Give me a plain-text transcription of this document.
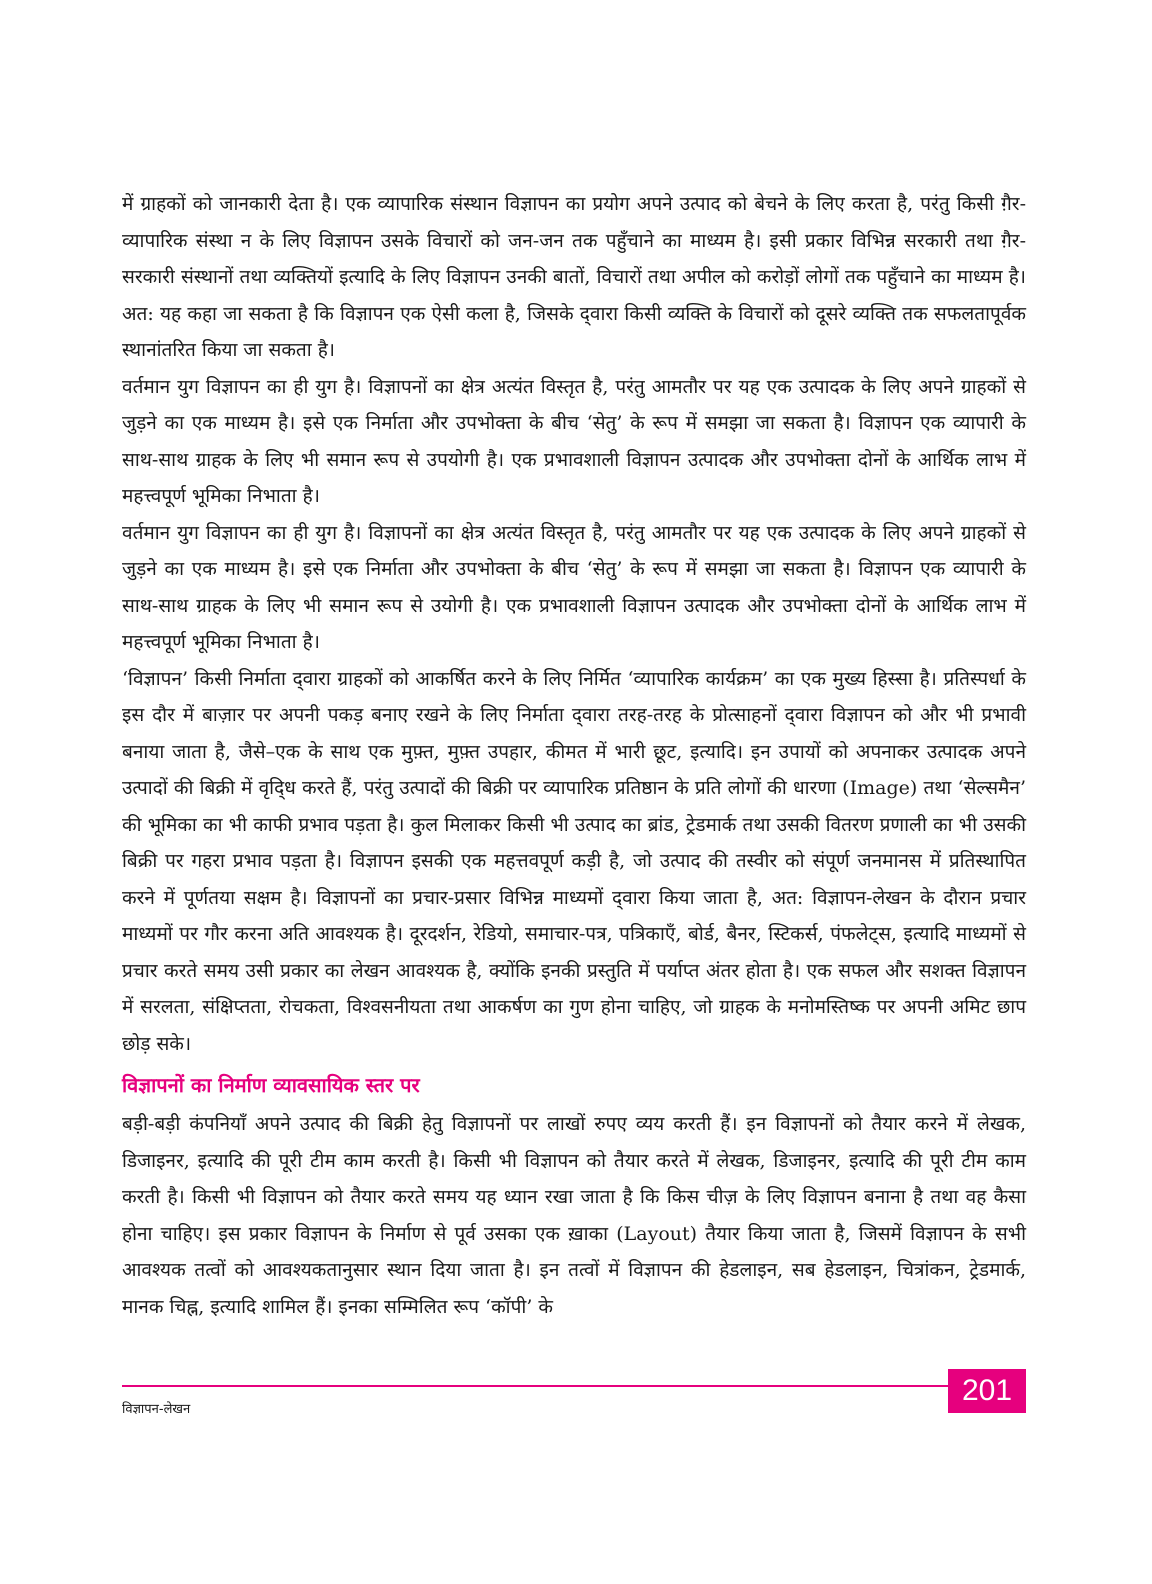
में ग्राहकों को जानकारी देता है। एक व्यापारिक संस्थान विज्ञापन का प्रयोग अपने उत्पाद को बेचने के लिए करता है, परंतु किसी ग़ैर-व्यापारिक संस्था न के लिए विज्ञापन उसके विचारों को जन-जन तक पहुँचाने का माध्यम है। इसी प्रकार विभिन्न सरकारी तथा ग़ैर-सरकारी संस्थानों तथा व्यक्तियों इत्यादि के लिए विज्ञापन उनकी बातों, विचारों तथा अपील को करोड़ों लोगों तक पहुँचाने का माध्यम है। अत: यह कहा जा सकता है कि विज्ञापन एक ऐसी कला है, जिसके द्‍वारा किसी व्यक्ति के विचारों को दूसरे व्यक्ति तक सफलतापूर्वक स्थानांतरित किया जा सकता है।

वर्तमान युग विज्ञापन का ही युग है। विज्ञापनों का क्षेत्र अत्यंत विस्तृत है, परंतु आमतौर पर यह एक उत्पादक के लिए अपने ग्राहकों से जुड़ने का एक माध्यम है। इसे एक निर्माता और उपभोक्ता के बीच ‘सेतु’ के रूप में समझा जा सकता है। विज्ञापन एक व्यापारी के साथ-साथ ग्राहक के लिए भी समान रूप से उपयोगी है। एक प्रभावशाली विज्ञापन उत्पादक और उपभोक्ता दोनों के आर्थिक लाभ में महत्त्वपूर्ण भूमिका निभाता है।

वर्तमान युग विज्ञापन का ही युग है। विज्ञापनों का क्षेत्र अत्यंत विस्तृत है, परंतु आमतौर पर यह एक उत्पादक के लिए अपने ग्राहकों से जुड़ने का एक माध्यम है। इसे एक निर्माता और उपभोक्ता के बीच ‘सेतु’ के रूप में समझा जा सकता है। विज्ञापन एक व्यापारी के साथ-साथ ग्राहक के लिए भी समान रूप से उयोगी है। एक प्रभावशाली विज्ञापन उत्पादक और उपभोक्ता दोनों के आर्थिक लाभ में महत्त्वपूर्ण भूमिका निभाता है।

‘विज्ञापन’ किसी निर्माता द्‍वारा ग्राहकों को आकर्षित करने के लिए निर्मित ‘व्यापारिक कार्यक्रम’ का एक मुख्य हिस्सा है। प्रतिस्पर्धा के इस दौर में बाज़ार पर अपनी पकड़ बनाए रखने के लिए निर्माता द्‍वारा तरह-तरह के प्रोत्साहनों द्‍वारा विज्ञापन को और भी प्रभावी बनाया जाता है, जैसे–एक के साथ एक मुफ़्त, मुफ़्त उपहार, कीमत में भारी छूट, इत्यादि। इन उपायों को अपनाकर उत्पादक अपने उत्पादों की बिक्री में वृद्‍धि करते हैं, परंतु उत्पादों की बिक्री पर व्यापारिक प्रतिष्ठान के प्रति लोगों की धारणा (Image) तथा ‘सेल्समैन’ की भूमिका का भी काफी प्रभाव पड़ता है। कुल मिलाकर किसी भी उत्पाद का ब्रांड, ट्रेडमार्क तथा उसकी वितरण प्रणाली का भी उसकी बिक्री पर गहरा प्रभाव पड़ता है। विज्ञापन इसकी एक महत्तवपूर्ण कड़ी है, जो उत्पाद की तस्वीर को संपूर्ण जनमानस में प्रतिस्थापित करने में पूर्णतया सक्षम है। विज्ञापनों का प्रचार-प्रसार विभिन्न माध्यमों द्‍वारा किया जाता है, अत: विज्ञापन-लेखन के दौरान प्रचार माध्यमों पर गौर करना अति आवश्यक है। दूरदर्शन, रेडियो, समाचार-पत्र, पत्रिकाएँ, बोर्ड, बैनर, स्टिकर्स, पंफलेट्स, इत्यादि माध्यमों से प्रचार करते समय उसी प्रकार का लेखन आवश्यक है, क्योंकि इनकी प्रस्तुति में पर्याप्त अंतर होता है। एक सफल और सशक्त विज्ञापन में सरलता, संक्षिप्तता, रोचकता, विश्वसनीयता तथा आकर्षण का गुण होना चाहिए, जो ग्राहक के मनोमस्तिष्क पर अपनी अमिट छाप छोड़ सके।

विज्ञापनों का निर्माण व्यावसायिक स्तर पर

बड़ी-बड़ी कंपनियाँ अपने उत्पाद की बिक्री हेतु विज्ञापनों पर लाखों रुपए व्यय करती हैं। इन विज्ञापनों को तैयार करने में लेखक, डिजाइनर, इत्यादि की पूरी टीम काम करती है। किसी भी विज्ञापन को तैयार करते में लेखक, डिजाइनर, इत्यादि की पूरी टीम काम करती है। किसी भी विज्ञापन को तैयार करते समय यह ध्यान रखा जाता है कि किस चीज़ के लिए विज्ञापन बनाना है तथा वह कैसा होना चाहिए। इस प्रकार विज्ञापन के निर्माण से पूर्व उसका एक ख़ाका (Layout) तैयार किया जाता है, जिसमें विज्ञापन के सभी आवश्यक तत्वों को आवश्यकतानुसार स्थान दिया जाता है। इन तत्वों में विज्ञापन की हेडलाइन, सब हेडलाइन, चित्रांकन, ट्रेडमार्क, मानक चिह्न, इत्यादि शामिल हैं। इनका सम्मिलित रूप ‘कॉपी’ के

विज्ञापन-लेखन
201
